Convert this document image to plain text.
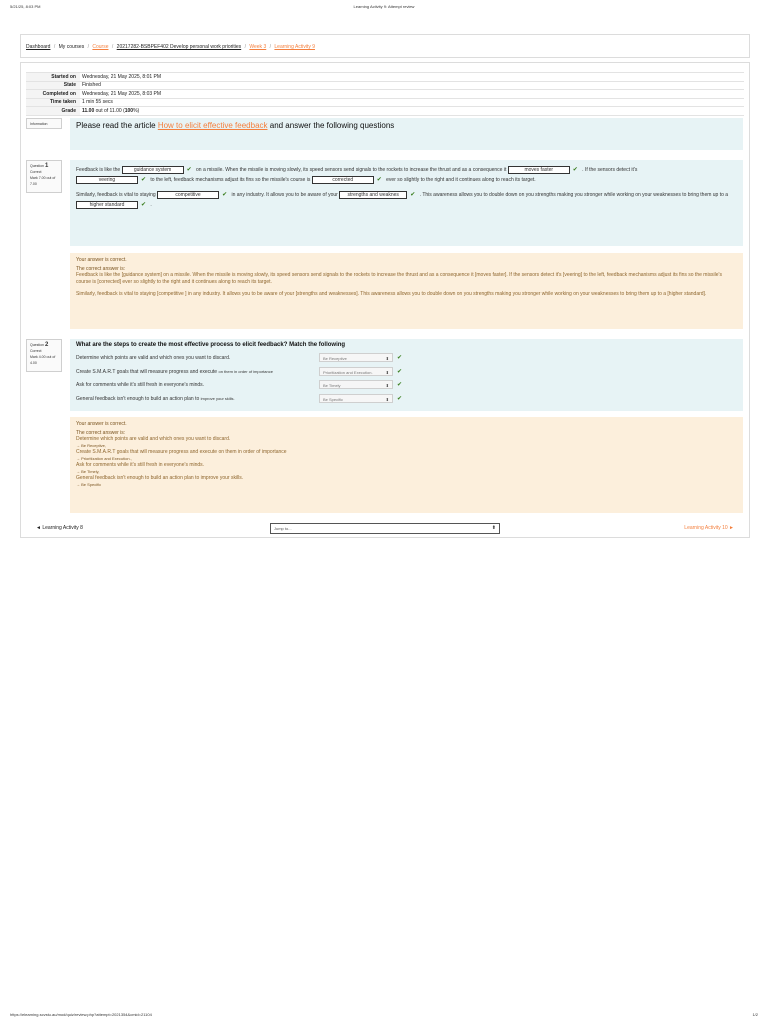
5/21/25, 8:03 PM	Learning Activity 9: Attempt review
Dashboard / My courses / Course / 20217282-BSBPEF402 Develop personal work priorities / Week 3 / Learning Activity 9
Started on	Wednesday, 21 May 2025, 8:01 PM
State	Finished
Completed on	Wednesday, 21 May 2025, 8:03 PM
Time taken	1 min 55 secs
Grade	11.00 out of 11.00 (100%)
Information	Please read the article How to elicit effective feedback and answer the following questions
Question 1
Correct
Mark 7.00 out of 7.00
Feedback is like the guidance system	✔ on a missile. When the missile is moving slowly, its speed sensors send signals to the rockets to increase the thrust and as a consequence it	moves faster	✔ . If the sensors detect it's
veering	✔ to the left, feedback mechanisms adjust its fins so the missile's course is	corrected	✔ ever so slightly to the right and it continues along to reach its target.
Similarly, feedback is vital to staying	competitive	✔ in any industry. It allows you to be aware of your strengths and weaknes ✔ . This awareness allows you to double down on you strengths making you stronger while working on your weaknesses to bring them up to a higher standard	✔ .
Your answer is correct.
The correct answer is:
Feedback is like the [guidance system] on a missile. When the missile is moving slowly, its speed sensors send signals to the rockets to increase the thrust and as a consequence it [moves faster]. If the sensors detect it's [veering] to the left, feedback mechanisms adjust its fins so the missile's course is [corrected] ever so slightly to the right and it continues along to reach its target.
Similarly, feedback is vital to staying [competitive ] in any industry. It allows you to be aware of your [strengths and weaknesses]. This awareness allows you to double down on you strengths making you stronger while working on your weaknesses to bring them up to a [higher standard].
Question 2
Correct
Mark 4.00 out of 4.00
What are the steps to create the most effective process to elicit feedback? Match the following
Determine which points are valid and which ones you want to discard.	Be Receptive	⬍ ✔
Create S.M.A.R.T goals that will measure progress and execute on them in order of importance	Prioritization and Execution.	⬍ ✔
Ask for comments while it's still fresh in everyone's minds.	Be Timely	⬍ ✔
General feedback isn't enough to build an action plan to improve your skills.	Be Specific	⬍ ✔
Your answer is correct.
The correct answer is:
Determine which points are valid and which ones you want to discard.
→ Be Receptive,
Create S.M.A.R.T goals that will measure progress and execute on them in order of importance
→ Prioritization and Execution.,
Ask for comments while it's still fresh in everyone's minds.
→ Be Timely,
General feedback isn't enough to build an action plan to improve your skills.
→ Be Specific
◄ Learning Activity 8	Jump to...	⬍	Learning Activity 10 ►
https://elearning.scvstu.au/mod/quiz/review.php?attempt=2021354&cmid=21104	1/2
